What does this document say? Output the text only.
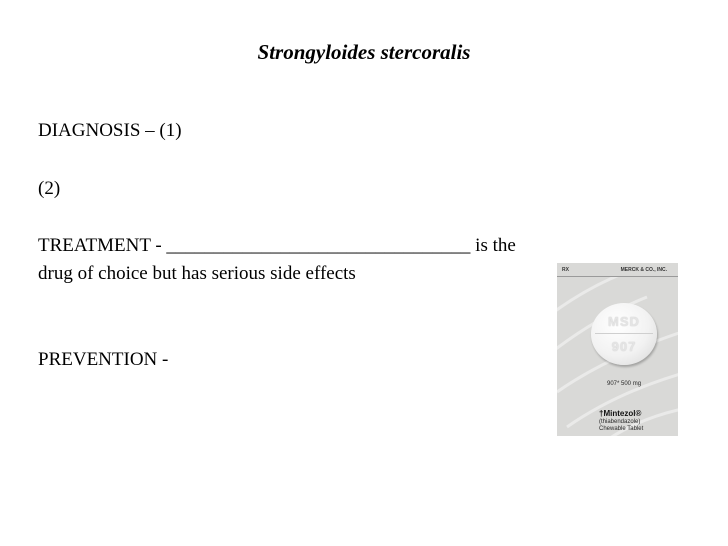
Strongyloides stercoralis
DIAGNOSIS – (1)
(2)
TREATMENT - ________________________________ is the
drug of choice but has serious side effects
PREVENTION -
RX	MERCK & CO., INC.
MSD
907
907* 500 mg
†Mintezol®
(thiabendazole)
Chewable Tablet
